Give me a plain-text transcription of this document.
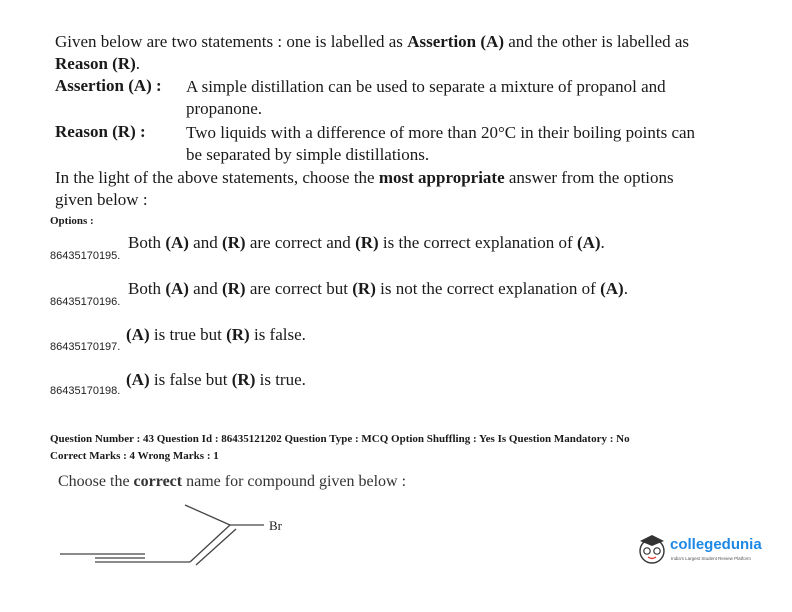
Given below are two statements : one is labelled as Assertion (A) and the other is labelled as
Reason (R).
Assertion (A) : A simple distillation can be used to separate a mixture of propanol and
propanone.
Reason (R) : Two liquids with a difference of more than 20°C in their boiling points can
be separated by simple distillations.
In the light of the above statements, choose the most appropriate answer from the options
given below :
Options :
86435170195.
Both (A) and (R) are correct and (R) is the correct explanation of (A).
86435170196.
Both (A) and (R) are correct but (R) is not the correct explanation of (A).
86435170197.
(A) is true but (R) is false.
86435170198.
(A) is false but (R) is true.
Question Number : 43 Question Id : 86435121202 Question Type : MCQ Option Shuffling : Yes Is Question Mandatory : No
Correct Marks : 4 Wrong Marks : 1
Choose the correct name for compound given below :
Br
collegedunia
India's Largest Student Review Platform
